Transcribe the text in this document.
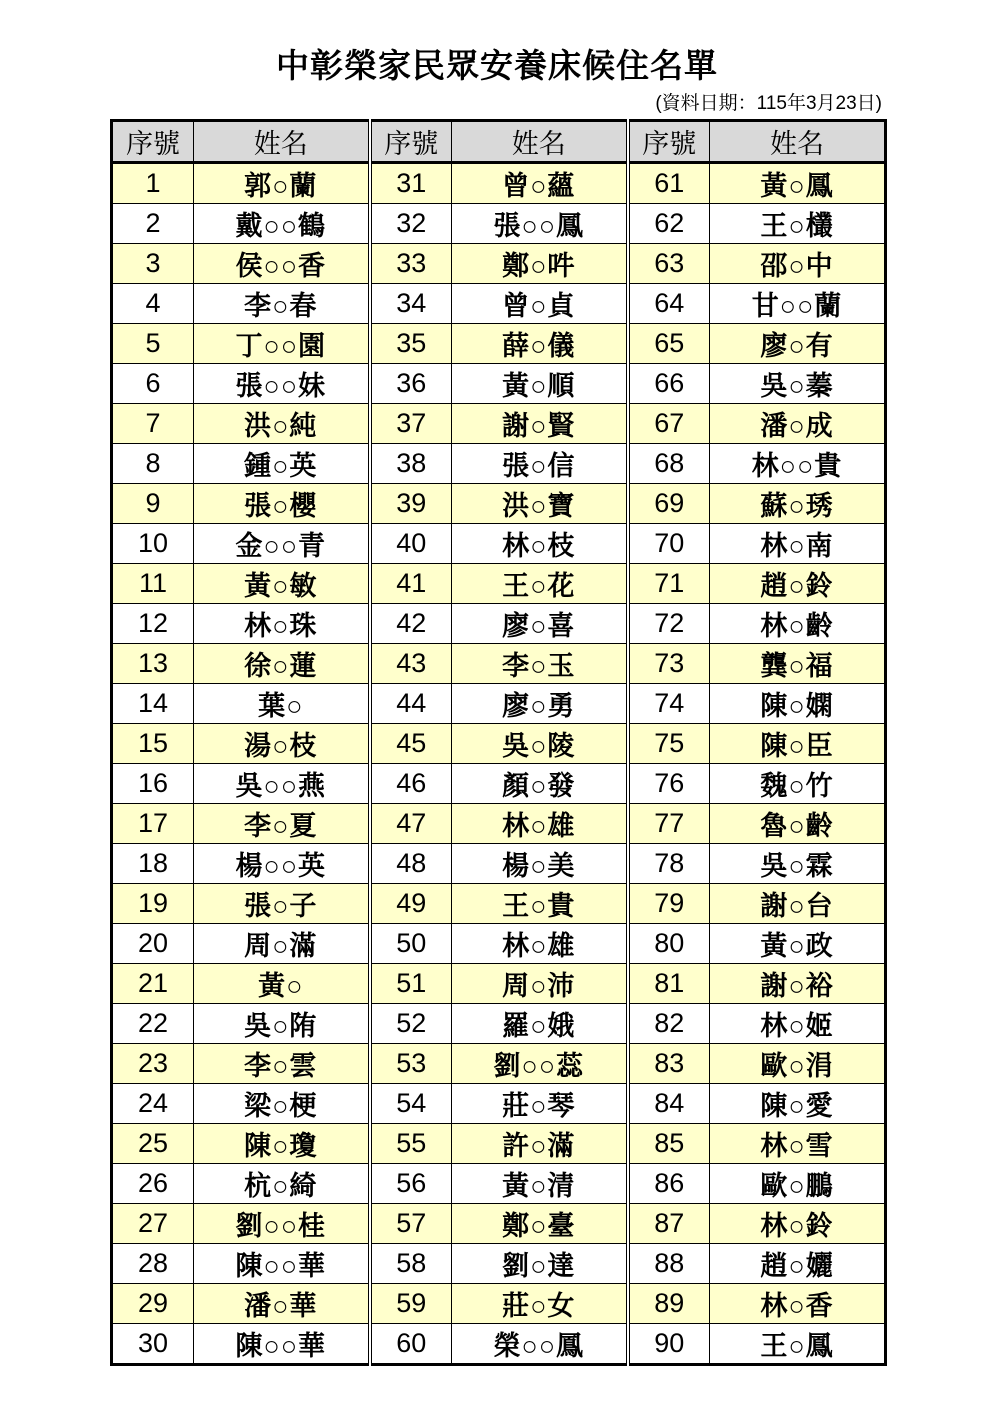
中彰榮家民眾安養床候住名單
(資料日期：115年3月23日)
序號	姓名	序號	姓名	序號	姓名
1	郭○蘭	31	曾○蘊	61	黃○鳳
2	戴○○鶴	32	張○○鳳	62	王○欉
3	侯○○香	33	鄭○吽	63	邵○中
4	李○春	34	曾○貞	64	甘○○蘭
5	丁○○園	35	薛○儀	65	廖○有
6	張○○妹	36	黃○順	66	吳○蓁
7	洪○純	37	謝○賢	67	潘○成
8	鍾○英	38	張○信	68	林○○貴
9	張○櫻	39	洪○寶	69	蘇○琇
10	金○○青	40	林○枝	70	林○南
11	黃○敏	41	王○花	71	趙○鈴
12	林○珠	42	廖○喜	72	林○齡
13	徐○蓮	43	李○玉	73	龔○福
14	葉○	44	廖○勇	74	陳○嫻
15	湯○枝	45	吳○陵	75	陳○臣
16	吳○○燕	46	顏○發	76	魏○竹
17	李○夏	47	林○雄	77	魯○齡
18	楊○○英	48	楊○美	78	吳○霖
19	張○子	49	王○貴	79	謝○台
20	周○滿	50	林○雄	80	黃○政
21	黃○	51	周○沛	81	謝○裕
22	吳○陏	52	羅○娥	82	林○姬
23	李○雲	53	劉○○蕊	83	歐○涓
24	梁○梗	54	莊○琴	84	陳○愛
25	陳○瓊	55	許○滿	85	林○雪
26	杭○綺	56	黃○清	86	歐○鵬
27	劉○○桂	57	鄭○臺	87	林○鈴
28	陳○○華	58	劉○達	88	趙○孋
29	潘○華	59	莊○女	89	林○香
30	陳○○華	60	榮○○鳳	90	王○鳳
